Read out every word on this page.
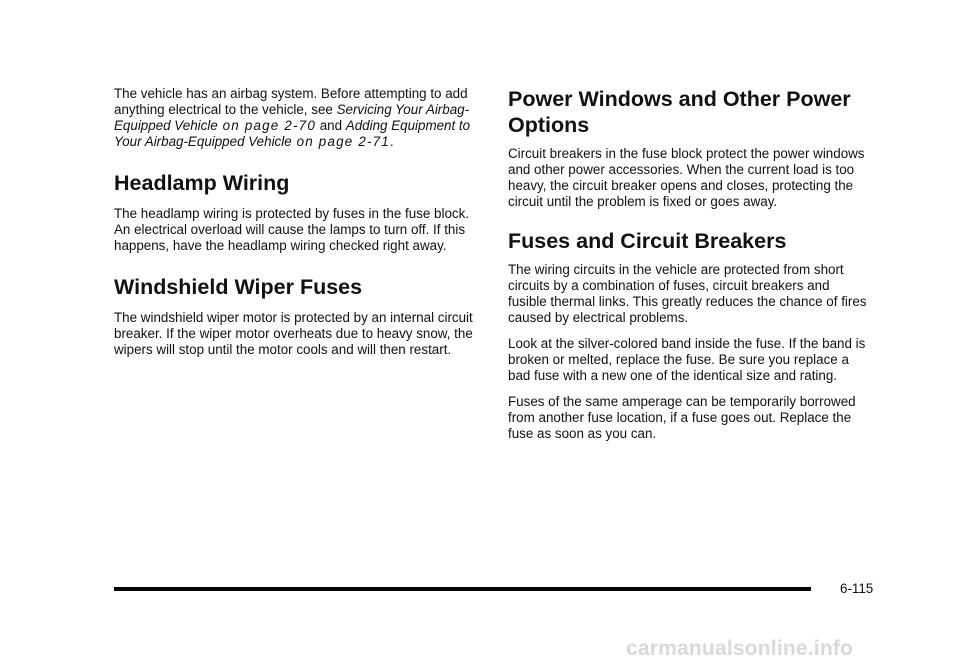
The vehicle has an airbag system. Before attempting to add anything electrical to the vehicle, see Servicing Your Airbag-Equipped Vehicle on page 2-70 and Adding Equipment to Your Airbag-Equipped Vehicle on page 2-71.

Headlamp Wiring

The headlamp wiring is protected by fuses in the fuse block. An electrical overload will cause the lamps to turn off. If this happens, have the headlamp wiring checked right away.

Windshield Wiper Fuses

The windshield wiper motor is protected by an internal circuit breaker. If the wiper motor overheats due to heavy snow, the wipers will stop until the motor cools and will then restart.

Power Windows and Other Power Options

Circuit breakers in the fuse block protect the power windows and other power accessories. When the current load is too heavy, the circuit breaker opens and closes, protecting the circuit until the problem is fixed or goes away.

Fuses and Circuit Breakers

The wiring circuits in the vehicle are protected from short circuits by a combination of fuses, circuit breakers and fusible thermal links. This greatly reduces the chance of fires caused by electrical problems.

Look at the silver-colored band inside the fuse. If the band is broken or melted, replace the fuse. Be sure you replace a bad fuse with a new one of the identical size and rating.

Fuses of the same amperage can be temporarily borrowed from another fuse location, if a fuse goes out. Replace the fuse as soon as you can.

6-115
carmanualsonline.info
